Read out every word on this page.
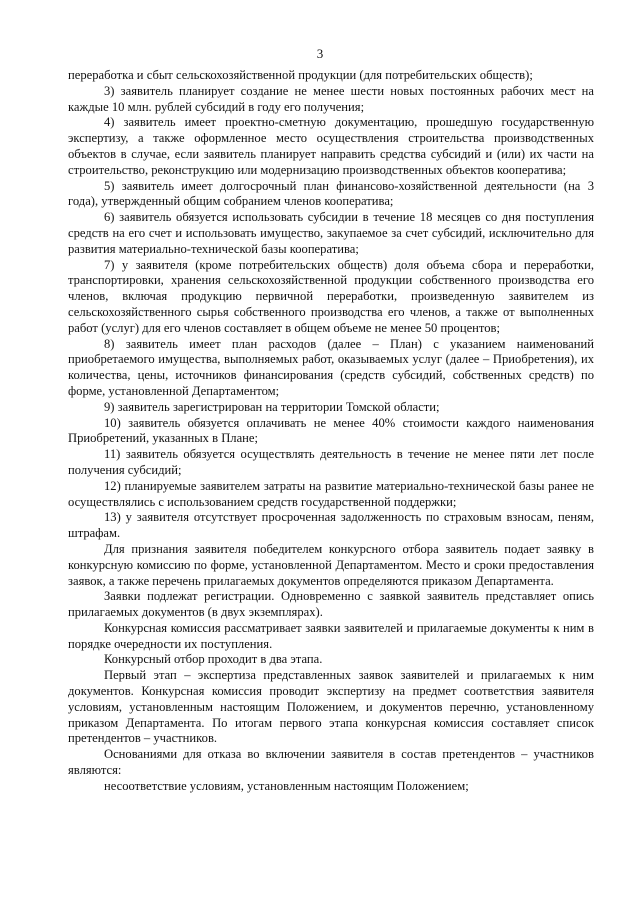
3

переработка и сбыт сельскохозяйственной продукции (для потребительских обществ);

3) заявитель планирует создание не менее шести новых постоянных рабочих мест на каждые 10 млн. рублей субсидий в году его получения;

4) заявитель имеет проектно-сметную документацию, прошедшую государственную экспертизу, а также оформленное место осуществления строительства производственных объектов в случае, если заявитель планирует направить средства субсидий и (или) их части на строительство, реконструкцию или модернизацию производственных объектов кооператива;

5) заявитель имеет долгосрочный план финансово-хозяйственной деятельности (на 3 года), утвержденный общим собранием членов кооператива;

6) заявитель обязуется использовать субсидии в течение 18 месяцев со дня поступления средств на его счет и использовать имущество, закупаемое за счет субсидий, исключительно для развития материально-технической базы кооператива;

7) у заявителя (кроме потребительских обществ) доля объема сбора и переработки, транспортировки, хранения сельскохозяйственной продукции собственного производства его членов, включая продукцию первичной переработки, произведенную заявителем из сельскохозяйственного сырья собственного производства его членов, а также от выполненных работ (услуг) для его членов составляет в общем объеме не менее 50 процентов;

8) заявитель имеет план расходов (далее – План) с указанием наименований приобретаемого имущества, выполняемых работ, оказываемых услуг (далее – Приобретения), их количества, цены, источников финансирования (средств субсидий, собственных средств) по форме, установленной Департаментом;

9) заявитель зарегистрирован на территории Томской области;

10) заявитель обязуется оплачивать не менее 40% стоимости каждого наименования Приобретений, указанных в Плане;

11) заявитель обязуется осуществлять деятельность в течение не менее пяти лет после получения субсидий;

12) планируемые заявителем затраты на развитие материально-технической базы ранее не осуществлялись с использованием средств государственной поддержки;

13) у заявителя отсутствует просроченная задолженность по страховым взносам, пеням, штрафам.

Для признания заявителя победителем конкурсного отбора заявитель подает заявку в конкурсную комиссию по форме, установленной Департаментом. Место и сроки предоставления заявок, а также перечень прилагаемых документов определяются приказом Департамента.

Заявки подлежат регистрации. Одновременно с заявкой заявитель представляет опись прилагаемых документов (в двух экземплярах).

Конкурсная комиссия рассматривает заявки заявителей и прилагаемые документы к ним в порядке очередности их поступления.

Конкурсный отбор проходит в два этапа.

Первый этап – экспертиза представленных заявок заявителей и прилагаемых к ним документов. Конкурсная комиссия проводит экспертизу на предмет соответствия заявителя условиям, установленным настоящим Положением, и документов перечню, установленному приказом Департамента. По итогам первого этапа конкурсная комиссия составляет список претендентов – участников.

Основаниями для отказа во включении заявителя в состав претендентов – участников являются:

несоответствие условиям, установленным настоящим Положением;
